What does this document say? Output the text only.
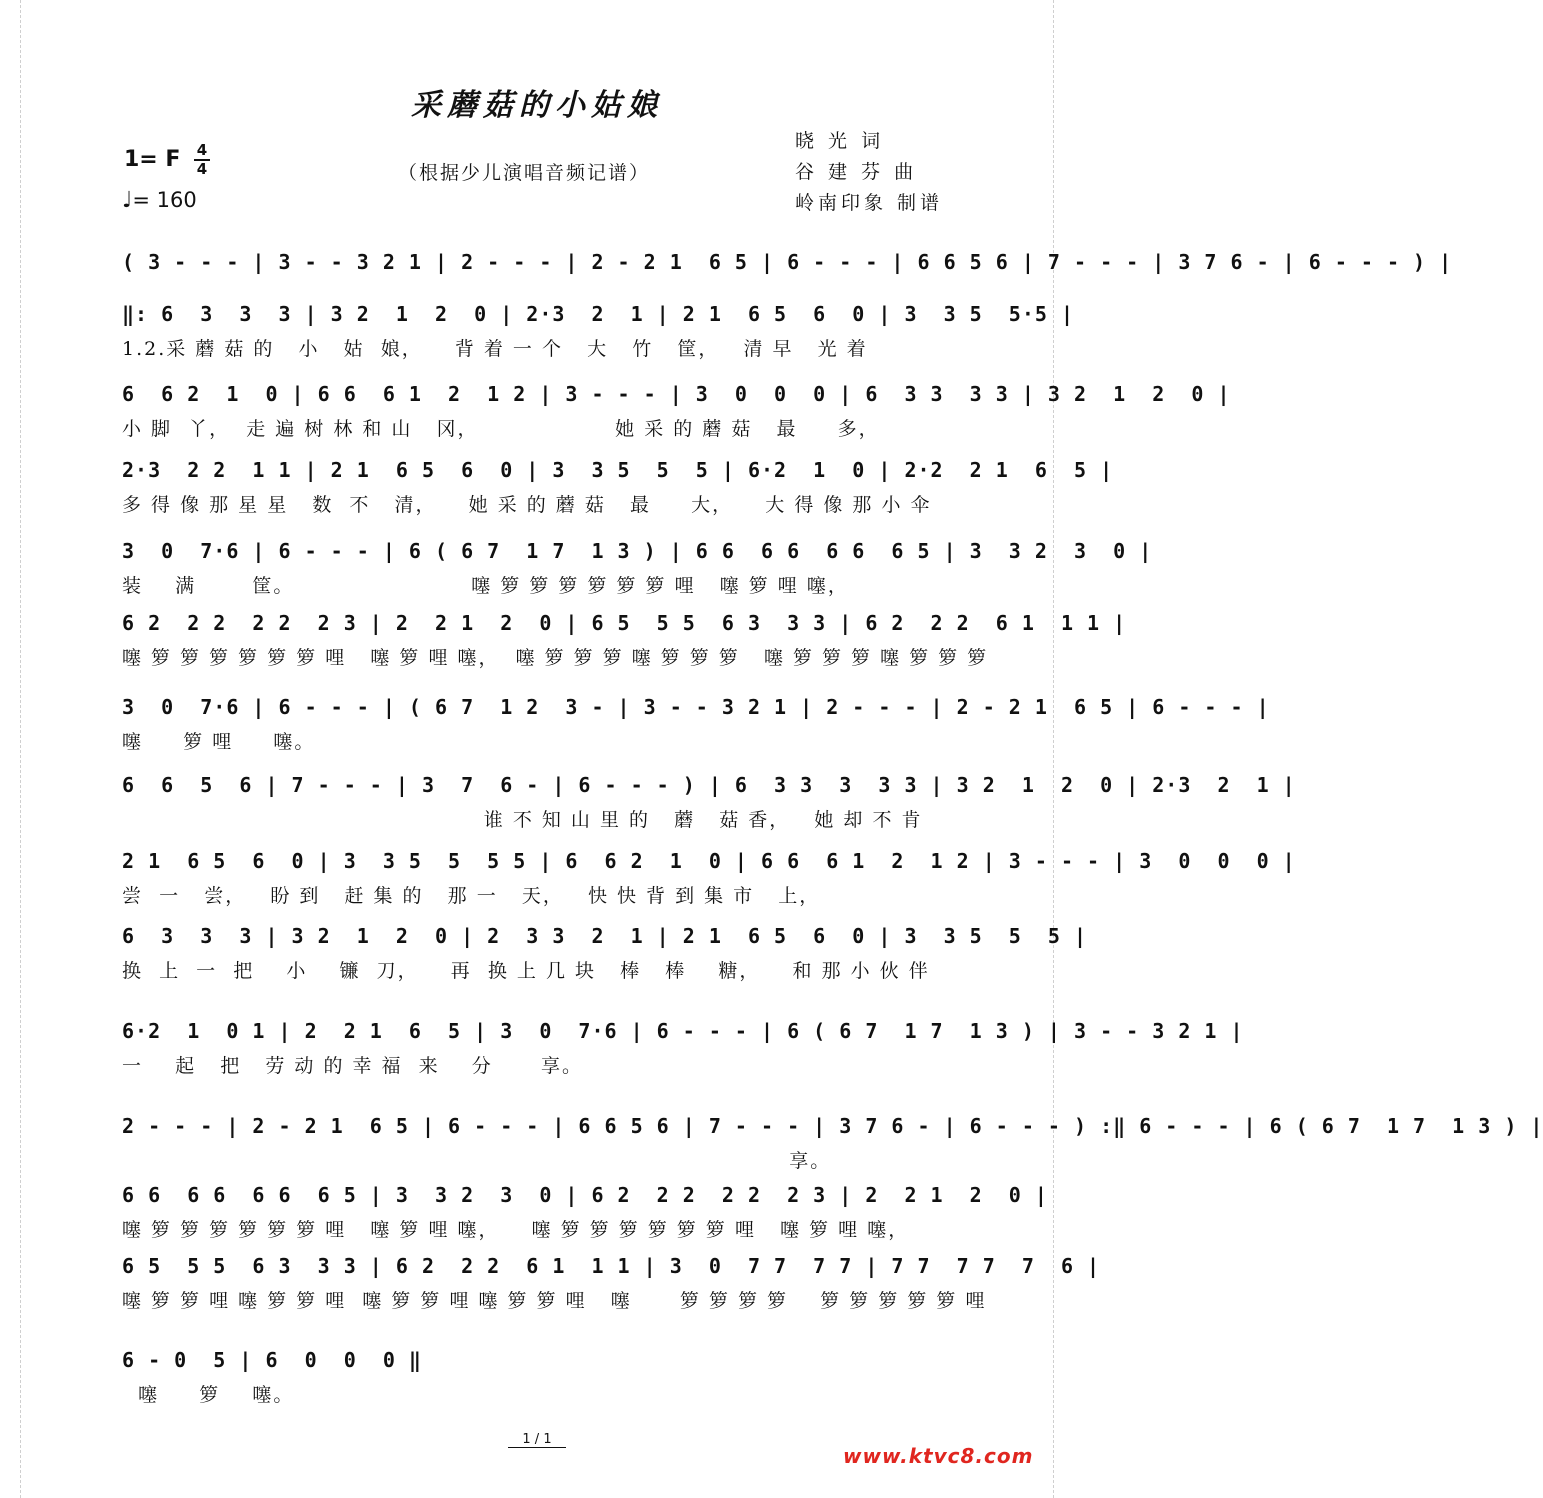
采蘑菇的小姑娘
1= F	4
4
♩= 160
（根据少儿演唱音频记谱）
晓 光 词
谷 建 芬 曲
岭南印象 制谱
( 3 - - - | 3 - - 3 2 1 | 2 - - - | 2 - 2 1  6 5 | 6 - - - | 6 6 5 6 | 7 - - - | 3 7 6 - | 6 - - - ) |
‖: 6  3  3  3 | 3 2  1  2  0 | 2·3  2  1 | 2 1  6 5  6  0 | 3  3 5  5·5 |
1.2.采 蘑 菇 的   小   姑  娘，    背 着 一 个   大   竹   筐，   清 早   光 着
6  6 2  1  0 | 6 6  6 1  2  1 2 | 3 - - - | 3  0  0  0 | 6  3 3  3 3 | 3 2  1  2  0 |
小 脚  丫，  走 遍 树 林 和 山   冈，                 她 采 的 蘑 菇   最     多，
2·3  2 2  1 1 | 2 1  6 5  6  0 | 3  3 5  5  5 | 6·2  1  0 | 2·2  2 1  6  5 |
多 得 像 那 星 星   数  不   清，    她 采 的 蘑 菇   最     大，    大 得 像 那 小 伞
3  0  7·6 | 6 - - - | 6 ( 6 7  1 7  1 3 ) | 6 6  6 6  6 6  6 5 | 3  3 2  3  0 |
装    满       筐。                      噻 箩 箩 箩 箩 箩 箩 哩   噻 箩 哩 噻，
6 2  2 2  2 2  2 3 | 2  2 1  2  0 | 6 5  5 5  6 3  3 3 | 6 2  2 2  6 1  1 1 |
噻 箩 箩 箩 箩 箩 箩 哩   噻 箩 哩 噻，  噻 箩 箩 箩 噻 箩 箩 箩   噻 箩 箩 箩 噻 箩 箩 箩
3  0  7·6 | 6 - - - | ( 6 7  1 2  3 - | 3 - - 3 2 1 | 2 - - - | 2 - 2 1  6 5 | 6 - - - |
噻     箩 哩     噻。
6  6  5  6 | 7 - - - | 3  7  6 - | 6 - - - ) | 6  3 3  3  3 3 | 3 2  1  2  0 | 2·3  2  1 |
谁 不 知 山 里 的   蘑   菇 香，   她 却 不 肯
2 1  6 5  6  0 | 3  3 5  5  5 5 | 6  6 2  1  0 | 6 6  6 1  2  1 2 | 3 - - - | 3  0  0  0 |
尝  一   尝，   盼 到   赶 集 的   那 一   天，   快 快 背 到 集 市   上，
6  3  3  3 | 3 2  1  2  0 | 2  3 3  2  1 | 2 1  6 5  6  0 | 3  3 5  5  5 |
换  上  一  把    小    镰  刀，    再  换 上 几 块   棒   棒    糖，    和 那 小 伙 伴
6·2  1  0 1 | 2  2 1  6  5 | 3  0  7·6 | 6 - - - | 6 ( 6 7  1 7  1 3 ) | 3 - - 3 2 1 |
一    起   把   劳 动 的 幸 福  来    分      享。
2 - - - | 2 - 2 1  6 5 | 6 - - - | 6 6 5 6 | 7 - - - | 3 7 6 - | 6 - - - ) :‖ 6 - - - | 6 ( 6 7  1 7  1 3 ) |
享。
6 6  6 6  6 6  6 5 | 3  3 2  3  0 | 6 2  2 2  2 2  2 3 | 2  2 1  2  0 |
噻 箩 箩 箩 箩 箩 箩 哩   噻 箩 哩 噻，    噻 箩 箩 箩 箩 箩 箩 哩   噻 箩 哩 噻，
6 5  5 5  6 3  3 3 | 6 2  2 2  6 1  1 1 | 3  0  7 7  7 7 | 7 7  7 7  7  6 |
噻 箩 箩 哩 噻 箩 箩 哩  噻 箩 箩 哩 噻 箩 箩 哩   噻      箩 箩 箩 箩    箩 箩 箩 箩 箩 哩
6 - 0  5 | 6  0  0  0 ‖
噻     箩    噻。
1 / 1
www.ktvc8.com
